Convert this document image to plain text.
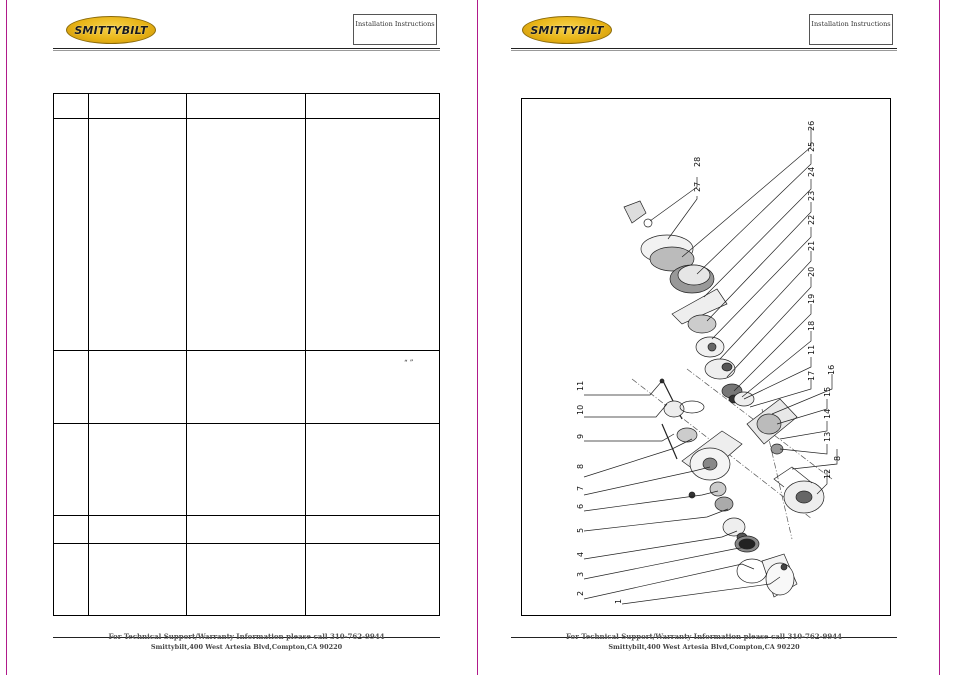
SMITTYBILT	Installation Instructions
“ ”
For Technical Support/Warranty Information please call 310-762-9944
Smittybilt,400 West Artesia Blvd,Compton,CA 90220
SMITTYBILT	Installation Instructions
11
10
9
8
7
6
5
4
3
2
1
28
27
26
25
24
23
22
21
20
19
18
11
17
16
15
14
13
8
12
For Technical Support/Warranty Information please call 310-762-9944
Smittybilt,400 West Artesia Blvd,Compton,CA 90220
